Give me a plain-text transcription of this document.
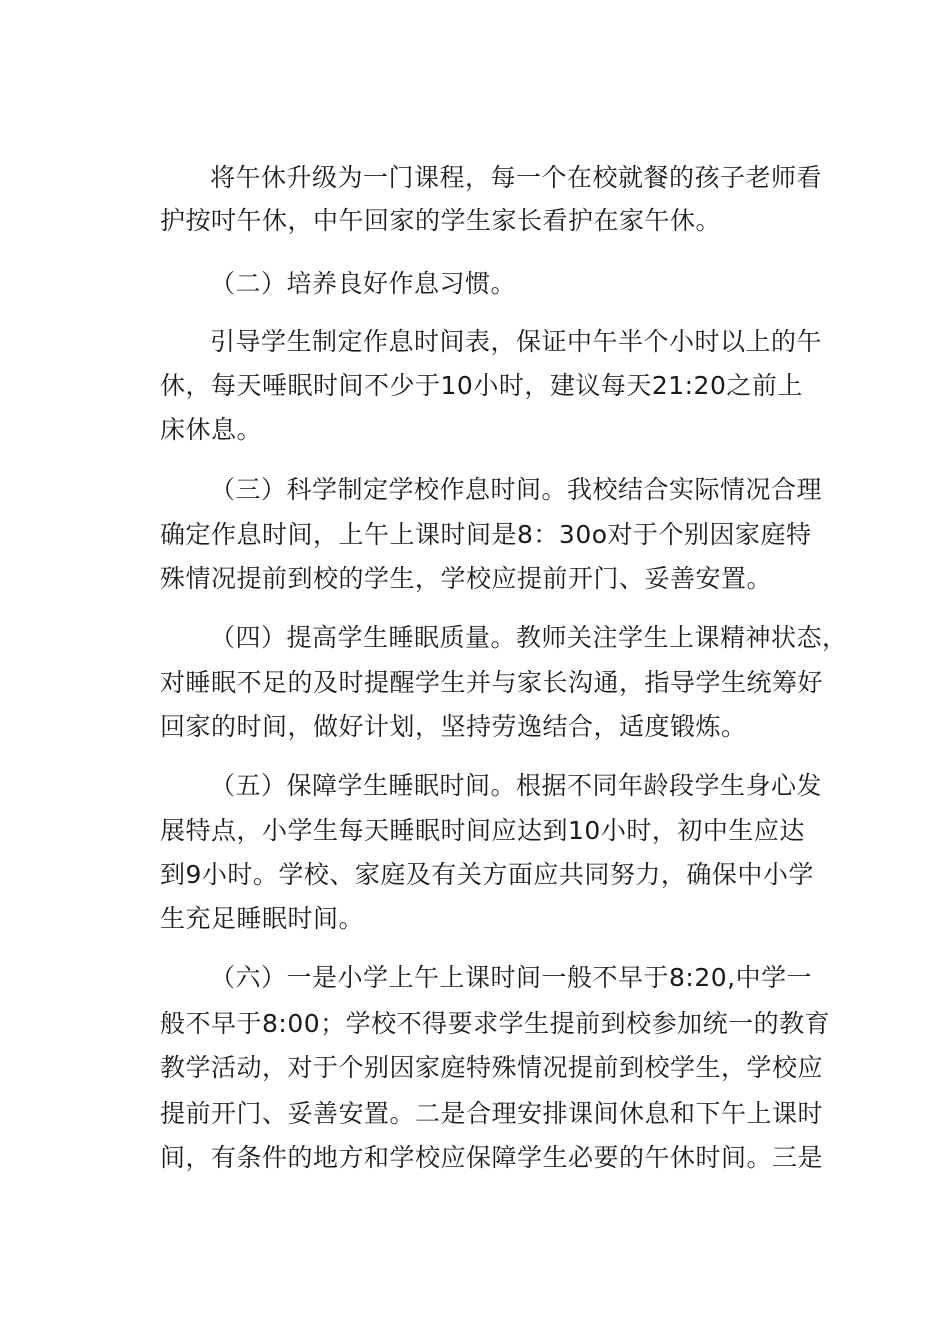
将午休升级为一门课程，每一个在校就餐的孩子老师看
护按吋午休，中午回家的学生家长看护在家午休。
（二）培养良好作息习惯。
引导学生制定作息时间表，保证中午半个小时以上的午
休，每天唾眠时间不少于10小时，建议每天21:20之前上
床休息。
（三）科学制定学校作息时间。我校结合实际情况合理
确定作息时间，上午上课时间是8：30o对于个别因家庭特
殊情况提前到校的学生，学校应提前开门、妥善安置。
（四）提高学生睡眠质量。教师关注学生上课精神状态，
对睡眠不足的及时提醒学生并与家长沟通，指导学生统筹好
回家的时间，做好计划，坚持劳逸结合，适度锻炼。
（五）保障学生睡眠时间。根据不同年龄段学生身心发
展特点，小学生每天睡眠时间应达到10小时，初中生应达
到9小时。学校、家庭及有关方面应共同努力，确保中小学
生充足睡眠时间。
（六）一是小学上午上课时间一般不早于8:20,中学一
般不早于8:00；学校不得要求学生提前到校参加统一的教育
教学活动，对于个别因家庭特殊情况提前到校学生，学校应
提前开门、妥善安置。二是合理安排课间休息和下午上课时
间，有条件的地方和学校应保障学生必要的午休时间。三是
